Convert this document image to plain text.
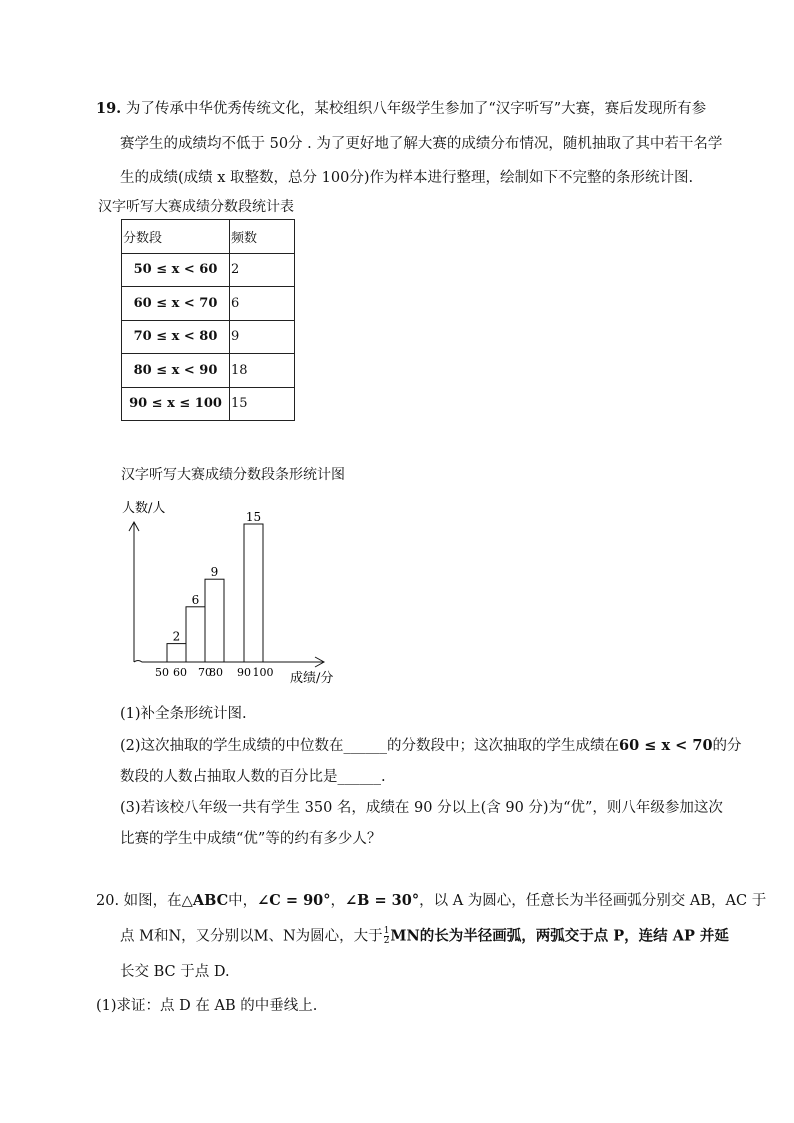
19. 为了传承中华优秀传统文化，某校组织八年级学生参加了“汉字听写”大赛，赛后发现所有参
赛学生的成绩均不低于 50分 . 为了更好地了解大赛的成绩分布情况，随机抽取了其中若干名学
生的成绩(成绩 x 取整数，总分 100分)作为样本进行整理，绘制如下不完整的条形统计图.
汉字听写大赛成绩分数段统计表
分数段	频数
50 ≤ x < 60	2
60 ≤ x < 70	6
70 ≤ x < 80	9
80 ≤ x < 90	18
90 ≤ x ≤ 100	15
汉字听写大赛成绩分数段条形统计图
人数/人
成绩/分
50 60 70
80 90 100
2
6
9
15
(1)补全条形统计图.
(2)这次抽取的学生成绩的中位数在______的分数段中；这次抽取的学生成绩在60 ≤ x < 70的分
数段的人数占抽取人数的百分比是______.
(3)若该校八年级一共有学生 350 名，成绩在 90 分以上(含 90 分)为“优”，则八年级参加这次
比赛的学生中成绩“优”等的约有多少人？
20. 如图，在△ABC中，∠C = 90°，∠B = 30°，以 A 为圆心，任意长为半径画弧分别交 AB，AC 于
点 M和N，又分别以M、N为圆心，大于 $\frac{1}{2}$ MN的长为半径画弧，两弧交于点 P，连结 AP 并延
长交 BC 于点 D.
(1)求证：点 D 在 AB 的中垂线上.
